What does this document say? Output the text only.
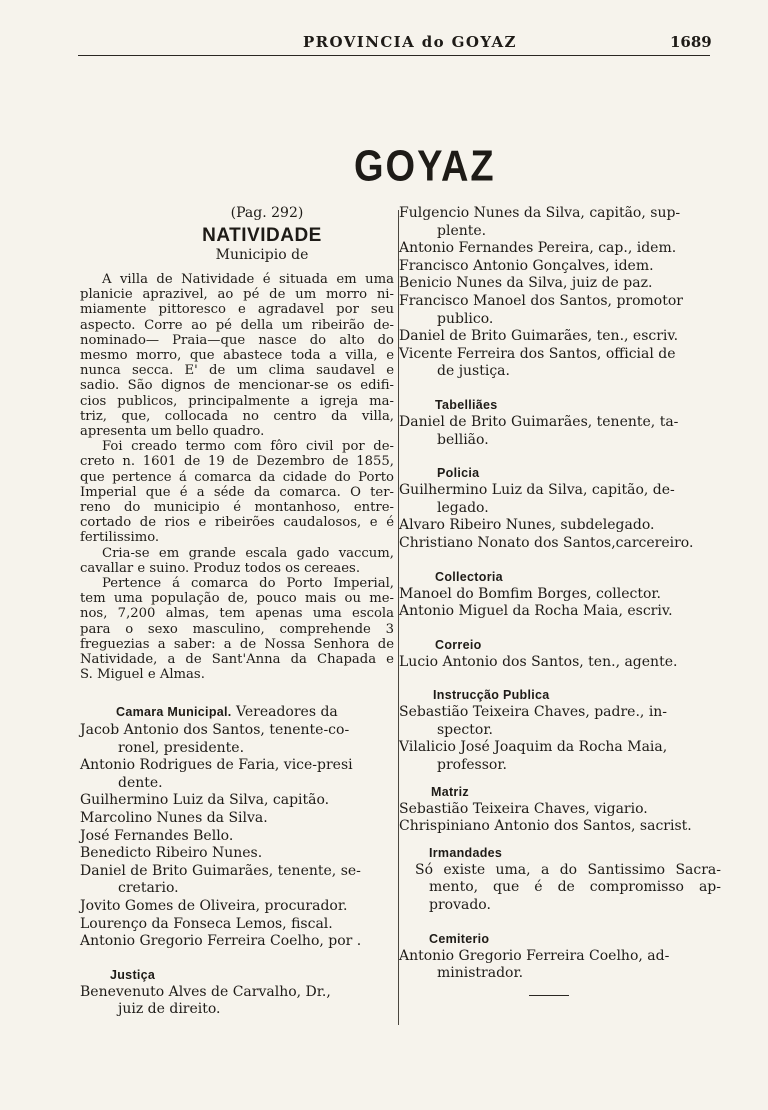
PROVINCIA do GOYAZ	1689
GOYAZ
(Pag. 292)
NATIVIDADE
Municipio de
A villa de Natividade é situada em uma
planicie aprazivel, ao pé de um morro ni-
miamente pittoresco e agradavel por seu
aspecto. Corre ao pé della um ribeirão de-
nominado— Praia—que nasce do alto do
mesmo morro, que abastece toda a villa, e
nunca secca. E' de um clima saudavel e
sadio. São dignos de mencionar-se os edifi-
cios publicos, principalmente a igreja ma-
triz, que, collocada no centro da villa,
apresenta um bello quadro.
Foi creado termo com fôro civil por de-
creto n. 1601 de 19 de Dezembro de 1855,
que pertence á comarca da cidade do Porto
Imperial que é a séde da comarca. O ter-
reno do municipio é montanhoso, entre-
cortado de rios e ribeirões caudalosos, e é
fertilissimo.
Cria-se em grande escala gado vaccum,
cavallar e suino. Produz todos os cereaes.
Pertence á comarca do Porto Imperial,
tem uma população de, pouco mais ou me-
nos, 7,200 almas, tem apenas uma escola
para o sexo masculino, comprehende 3
freguezias a saber: a de Nossa Senhora de
Natividade, a de Sant'Anna da Chapada e
S. Miguel e Almas.
Camara Municipal. Vereadores da
Jacob Antonio dos Santos, tenente-co-
ronel, presidente.
Antonio Rodrigues de Faria, vice-presi
dente.
Guilhermino Luiz da Silva, capitão.
Marcolino Nunes da Silva.
José Fernandes Bello.
Benedicto Ribeiro Nunes.
Daniel de Brito Guimarães, tenente, se-
cretario.
Jovito Gomes de Oliveira, procurador.
Lourenço da Fonseca Lemos, fiscal.
Antonio Gregorio Ferreira Coelho, por .
Justiça
Benevenuto Alves de Carvalho, Dr.,
juiz de direito.
Fulgencio Nunes da Silva, capitão, sup-
plente.
Antonio Fernandes Pereira, cap., idem.
Francisco Antonio Gonçalves, idem.
Benicio Nunes da Silva, juiz de paz.
Francisco Manoel dos Santos, promotor
publico.
Daniel de Brito Guimarães, ten., escriv.
Vicente Ferreira dos Santos, official de
de justiça.
Tabelliães
Daniel de Brito Guimarães, tenente, ta-
bellião.
Policia
Guilhermino Luiz da Silva, capitão, de-
legado.
Alvaro Ribeiro Nunes, subdelegado.
Christiano Nonato dos Santos,carcereiro.
Collectoria
Manoel do Bomfim Borges, collector.
Antonio Miguel da Rocha Maia, escriv.
Correio
Lucio Antonio dos Santos, ten., agente.
Instrucção Publica
Sebastião Teixeira Chaves, padre., in-
spector.
Vilalicio José Joaquim da Rocha Maia,
professor.
Matriz
Sebastião Teixeira Chaves, vigario.
Chrispiniano Antonio dos Santos, sacrist.
Irmandades
Só existe uma, a do Santissimo Sacra-
mento, que é de compromisso ap-
provado.
Cemiterio
Antonio Gregorio Ferreira Coelho, ad-
ministrador.
